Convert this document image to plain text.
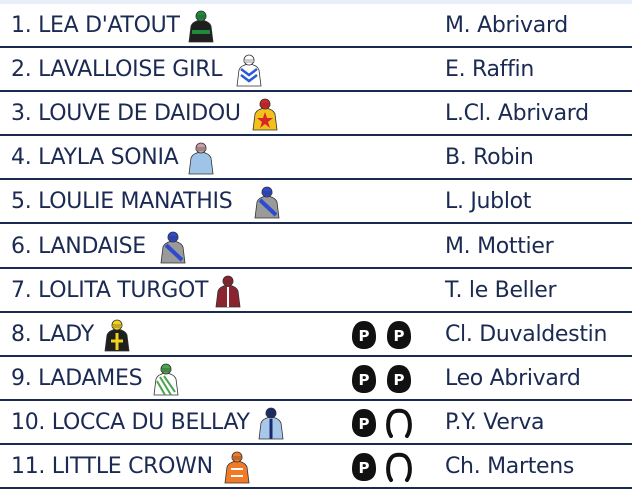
1. LEA D'ATOUT	M. Abrivard
2. LAVALLOISE GIRL	E. Raffin
3. LOUVE DE DAIDOU	L.Cl. Abrivard
4. LAYLA SONIA	B. Robin
5. LOULIE MANATHIS	L. Jublot
6. LANDAISE	M. Mottier
7. LOLITA TURGOT	T. le Beller
8. LADY	P P Cl. Duvaldestin
9. LADAMES	P P Leo Abrivard
10. LOCCA DU BELLAY	P	P.Y. Verva
11. LITTLE CROWN	P	Ch. Martens
